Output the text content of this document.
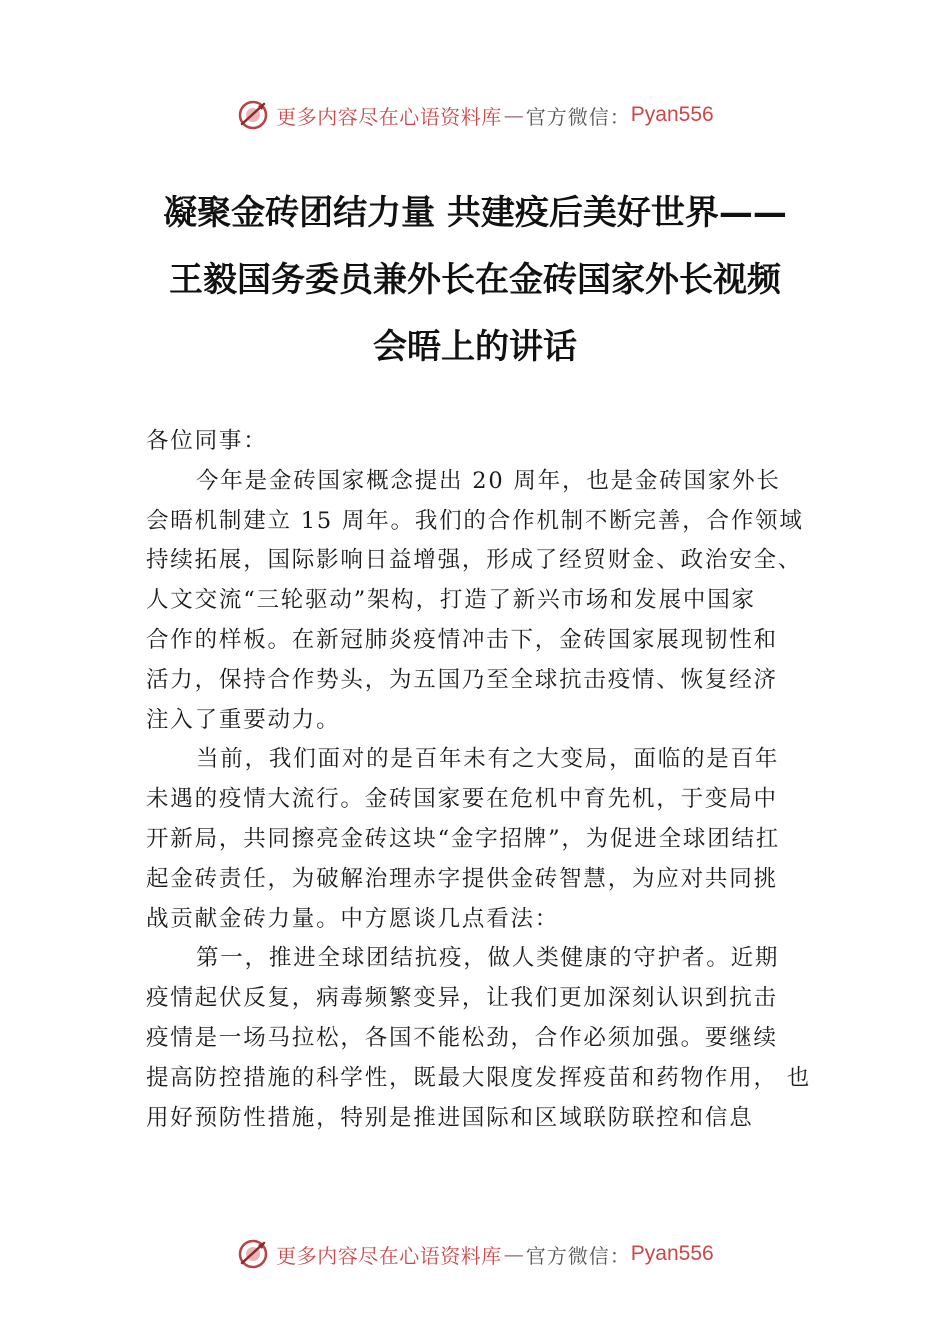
更多内容尽在心语资料库 — 官方微信： Pyan556
凝聚金砖团结力量 共建疫后美好世界——
王毅国务委员兼外长在金砖国家外长视频
会晤上的讲话
各位同事：
今年是金砖国家概念提出 20 周年，也是金砖国家外长
会晤机制建立 15 周年。我们的合作机制不断完善，合作领域
持续拓展，国际影响日益增强，形成了经贸财金、政治安全、
人文交流“三轮驱动”架构，打造了新兴市场和发展中国家
合作的样板。在新冠肺炎疫情冲击下，金砖国家展现韧性和
活力，保持合作势头，为五国乃至全球抗击疫情、恢复经济
注入了重要动力。
当前，我们面对的是百年未有之大变局，面临的是百年
未遇的疫情大流行。金砖国家要在危机中育先机，于变局中
开新局，共同擦亮金砖这块“金字招牌”，为促进全球团结扛
起金砖责任，为破解治理赤字提供金砖智慧，为应对共同挑
战贡献金砖力量。中方愿谈几点看法：
第一，推进全球团结抗疫，做人类健康的守护者。近期
疫情起伏反复，病毒频繁变异，让我们更加深刻认识到抗击
疫情是一场马拉松，各国不能松劲，合作必须加强。要继续
提高防控措施的科学性，既最大限度发挥疫苗和药物作用， 也
用好预防性措施，特别是推进国际和区域联防联控和信息
更多内容尽在心语资料库 — 官方微信： Pyan556
